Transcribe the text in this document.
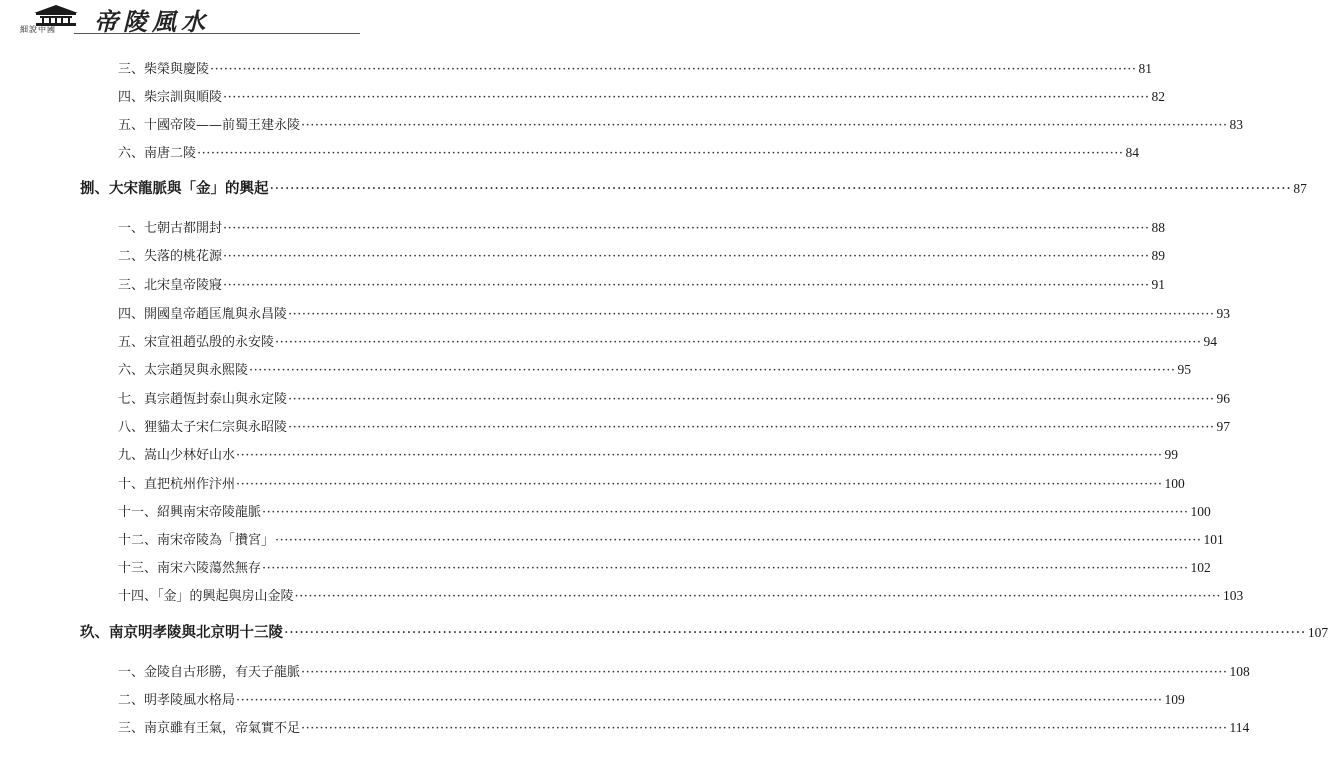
細說中國 帝陵風水
三、柴榮與慶陵 ········································································································································································································ 81
四、柴宗訓與順陵 ········································································································································································································ 82
五、十國帝陵——前蜀王建永陵 ········································································································································································································ 83
六、南唐二陵 ········································································································································································································ 84
捌、大宋龍脈與「金」的興起 ········································································································································································································ 87
一、七朝古都開封 ········································································································································································································ 88
二、失落的桃花源 ········································································································································································································ 89
三、北宋皇帝陵寢 ········································································································································································································ 91
四、開國皇帝趙匡胤與永昌陵 ········································································································································································································ 93
五、宋宣祖趙弘殷的永安陵 ········································································································································································································ 94
六、太宗趙炅與永熙陵 ········································································································································································································ 95
七、真宗趙恆封泰山與永定陵 ········································································································································································································ 96
八、狸貓太子宋仁宗與永昭陵 ········································································································································································································ 97
九、嵩山少林好山水 ········································································································································································································ 99
十、直把杭州作汴州 ········································································································································································································ 100
十一、紹興南宋帝陵龍脈 ········································································································································································································ 100
十二、南宋帝陵為「攢宮」 ········································································································································································································ 101
十三、南宋六陵蕩然無存 ········································································································································································································ 102
十四、「金」的興起與房山金陵 ········································································································································································································ 103
玖、南京明孝陵與北京明十三陵 ········································································································································································································ 107
一、金陵自古形勝，有天子龍脈 ········································································································································································································ 108
二、明孝陵風水格局 ········································································································································································································ 109
三、南京雖有王氣，帝氣實不足 ········································································································································································································ 114
